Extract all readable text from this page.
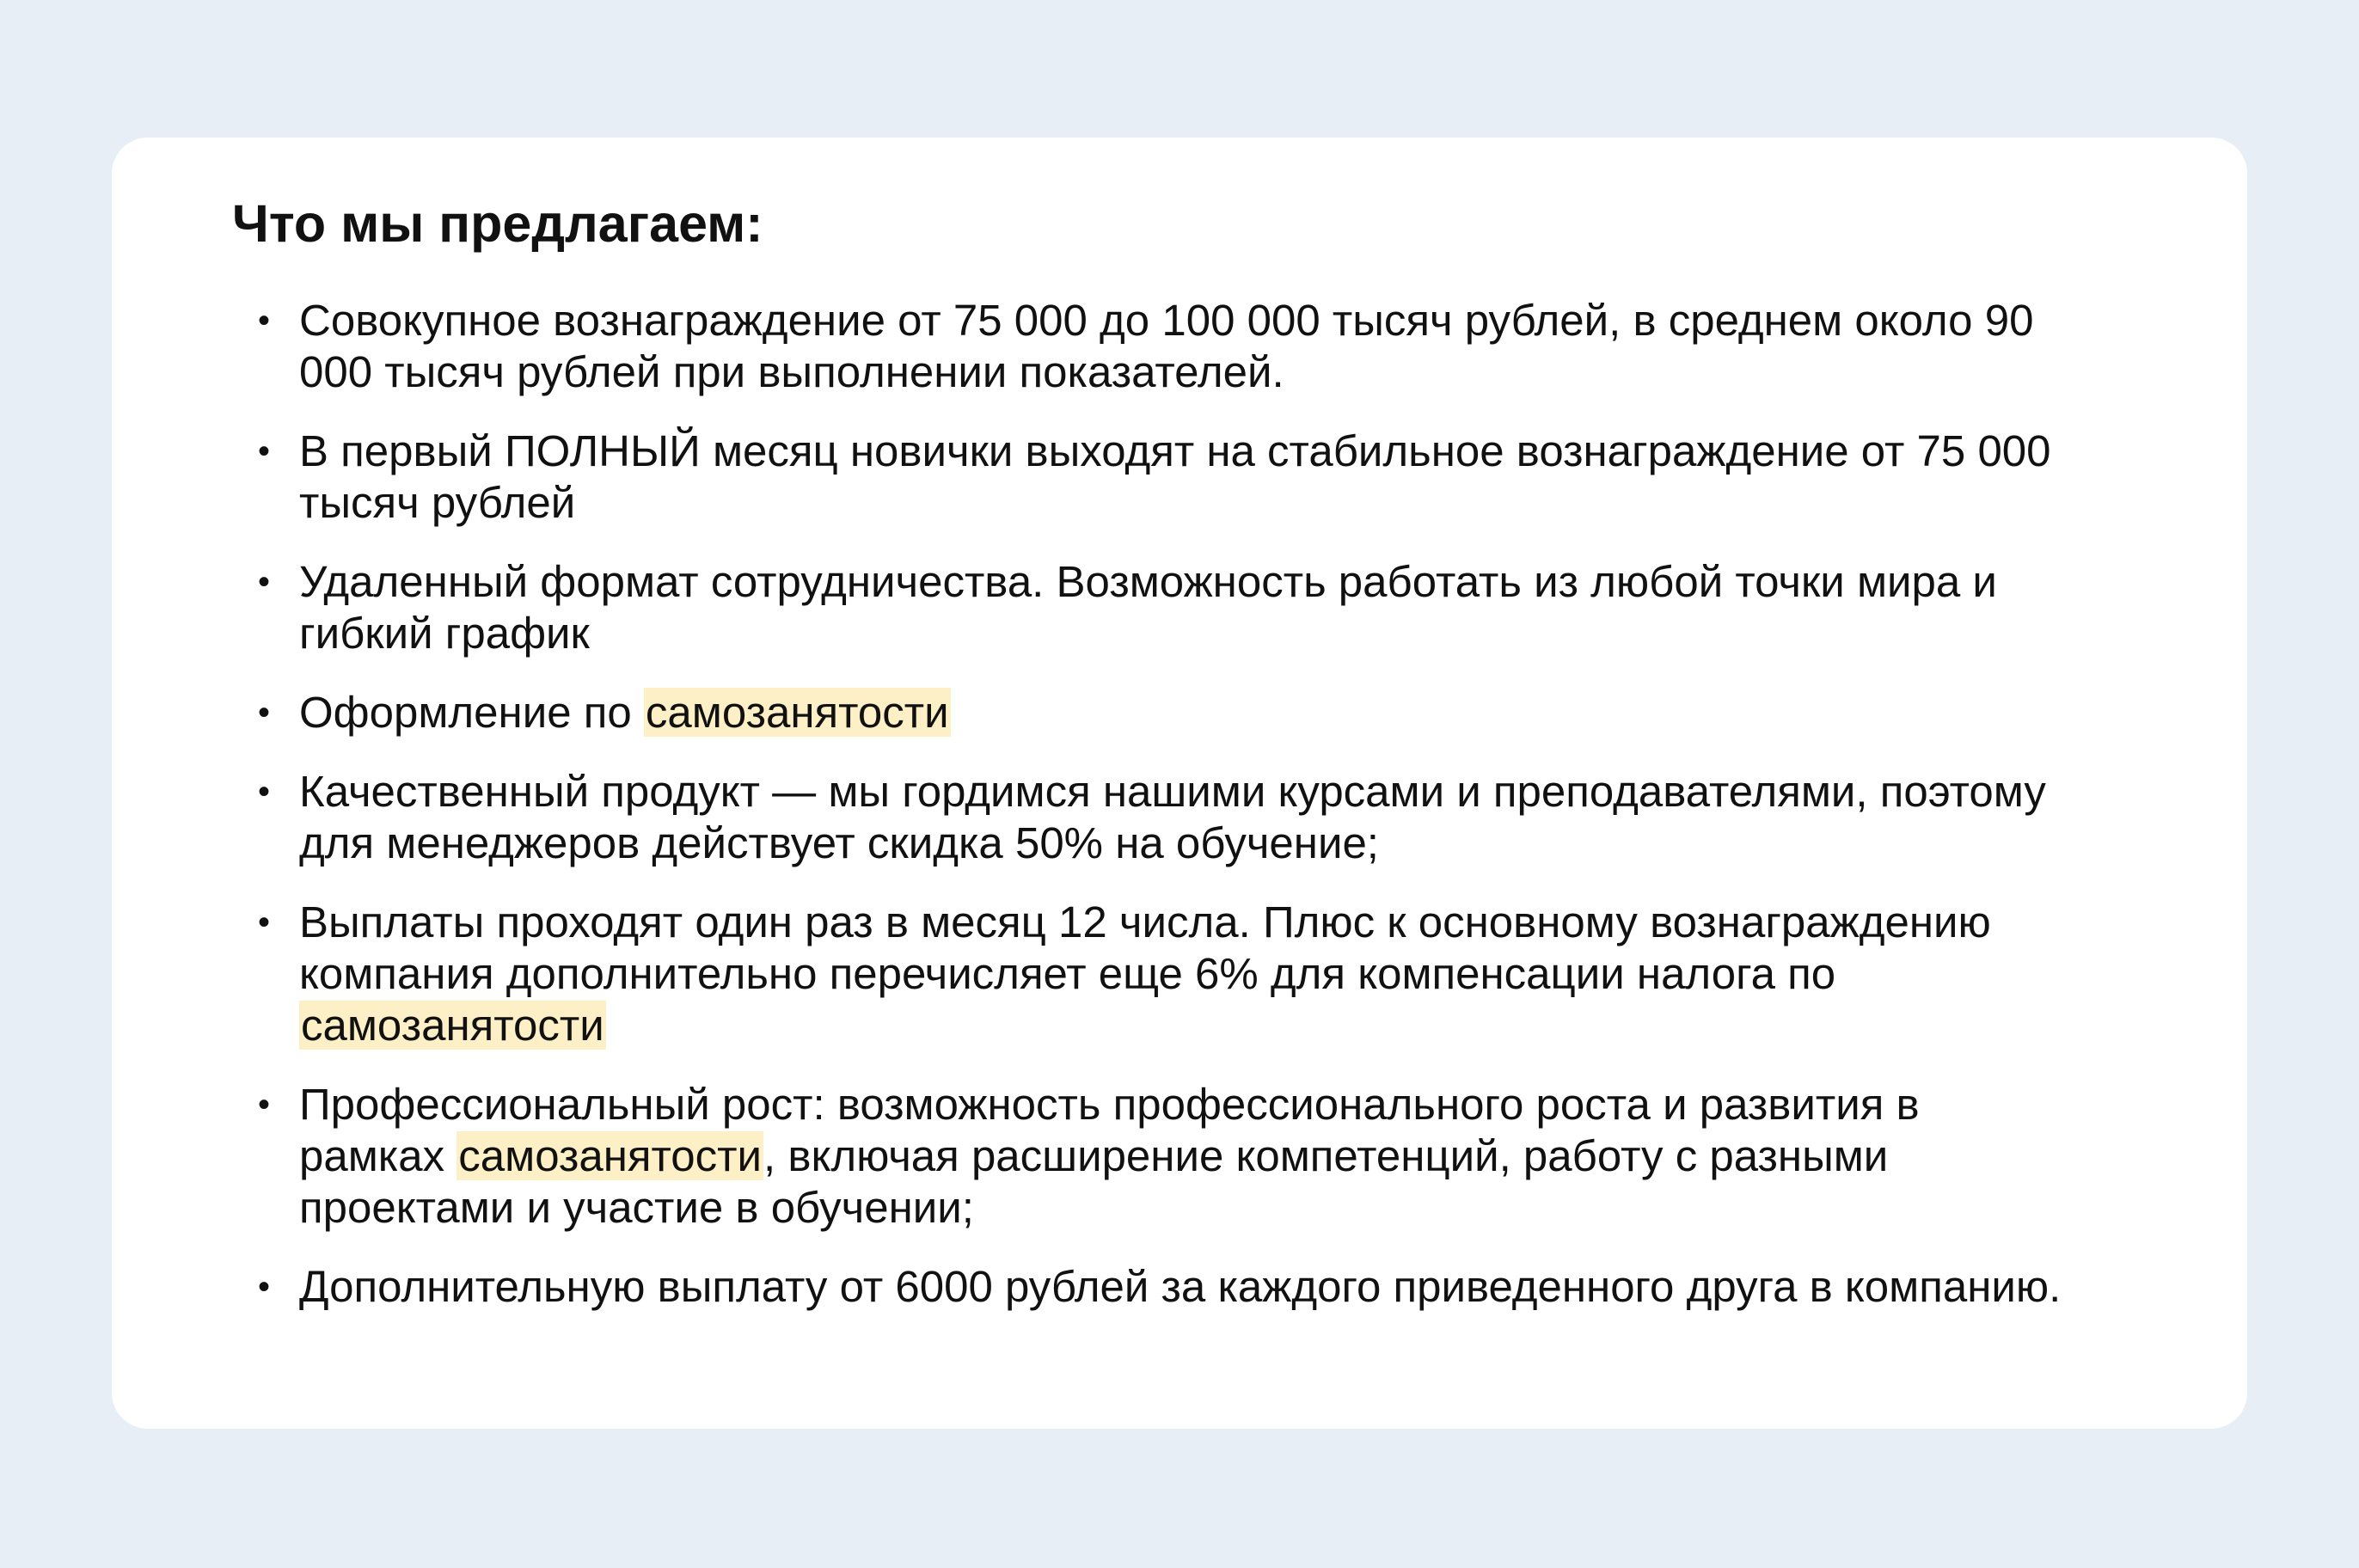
Что мы предлагаем:
• Совокупное вознаграждение от 75 000 до 100 000 тысяч рублей, в среднем около 90 000 тысяч рублей при выполнении показателей.
• В первый ПОЛНЫЙ месяц новички выходят на стабильное вознаграждение от 75 000 тысяч рублей
• Удаленный формат сотрудничества. Возможность работать из любой точки мира и гибкий график
• Оформление по самозанятости
• Качественный продукт — мы гордимся нашими курсами и преподавателями, поэтому для менеджеров действует скидка 50% на обучение;
• Выплаты проходят один раз в месяц 12 числа. Плюс к основному вознаграждению компания дополнительно перечисляет еще 6% для компенсации налога по самозанятости
• Профессиональный рост: возможность профессионального роста и развития в рамках самозанятости, включая расширение компетенций, работу с разными проектами и участие в обучении;
• Дополнительную выплату от 6000 рублей за каждого приведенного друга в компанию.
